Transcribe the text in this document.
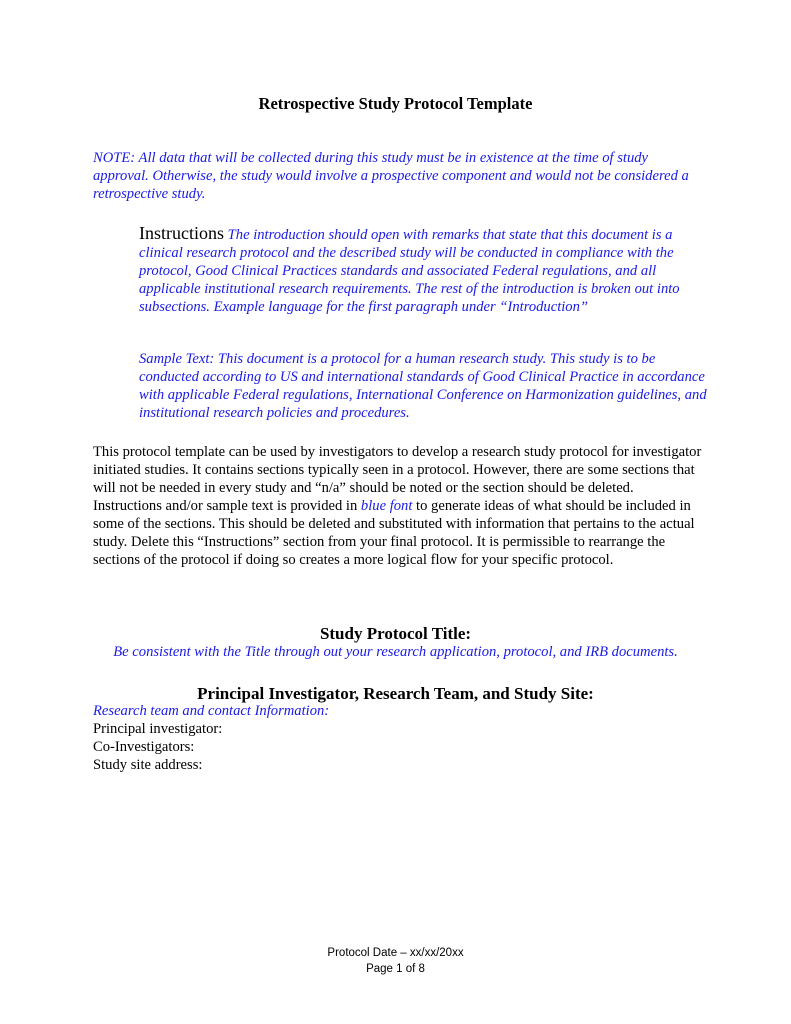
Retrospective Study Protocol Template
NOTE: All data that will be collected during this study must be in existence at the time of study approval. Otherwise, the study would involve a prospective component and would not be considered a retrospective study.
Instructions The introduction should open with remarks that state that this document is a clinical research protocol and the described study will be conducted in compliance with the protocol, Good Clinical Practices standards and associated Federal regulations, and all applicable institutional research requirements. The rest of the introduction is broken out into subsections. Example language for the first paragraph under “Introduction”
Sample Text: This document is a protocol for a human research study. This study is to be conducted according to US and international standards of Good Clinical Practice in accordance with applicable Federal regulations, International Conference on Harmonization guidelines, and institutional research policies and procedures.
This protocol template can be used by investigators to develop a research study protocol for investigator initiated studies. It contains sections typically seen in a protocol. However, there are some sections that will not be needed in every study and “n/a” should be noted or the section should be deleted. Instructions and/or sample text is provided in blue font to generate ideas of what should be included in some of the sections. This should be deleted and substituted with information that pertains to the actual study. Delete this “Instructions” section from your final protocol. It is permissible to rearrange the sections of the protocol if doing so creates a more logical flow for your specific protocol.
Study Protocol Title:
Be consistent with the Title through out your research application, protocol, and IRB documents.
Principal Investigator, Research Team, and Study Site:
Research team and contact Information:
Principal investigator:
Co-Investigators:
Study site address:
Protocol Date – xx/xx/20xx
Page 1 of 8
